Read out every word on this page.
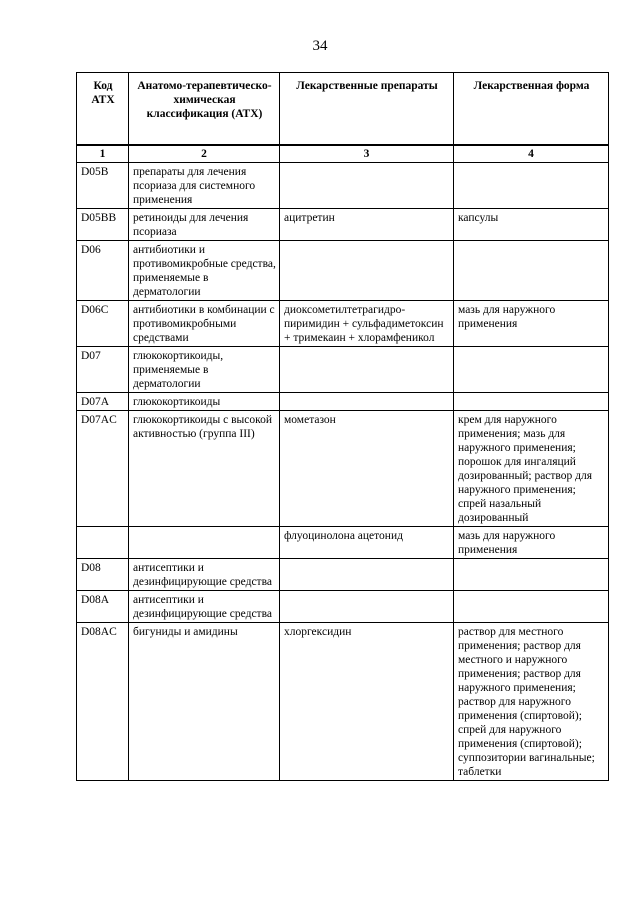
34
Код АТХ	Анатомо-терапевтическо-химическая классификация (АТХ)	Лекарственные препараты	Лекарственная форма
1	2	3	4
D05B	препараты для лечения псориаза для системного применения		
D05BB	ретиноиды для лечения псориаза	ацитретин	капсулы
D06	антибиотики и противомикробные средства, применяемые в дерматологии		
D06C	антибиотики в комбинации с противомикробными средствами	диоксометилтетрагидро-пиримидин + сульфадиметоксин + тримекаин + хлорамфеникол	мазь для наружного применения
D07	глюкокортикоиды, применяемые в дерматологии		
D07A	глюкокортикоиды		
D07AC	глюкокортикоиды с высокой активностью (группа III)	мометазон	крем для наружного применения; мазь для наружного применения; порошок для ингаляций дозированный; раствор для наружного применения; спрей назальный дозированный
		флуоцинолона ацетонид	мазь для наружного применения
D08	антисептики и дезинфицирующие средства		
D08A	антисептики и дезинфицирующие средства		
D08AC	бигуниды и амидины	хлоргексидин	раствор для местного применения; раствор для местного и наружного применения; раствор для наружного применения; раствор для наружного применения (спиртовой); спрей для наружного применения (спиртовой); суппозитории вагинальные; таблетки
